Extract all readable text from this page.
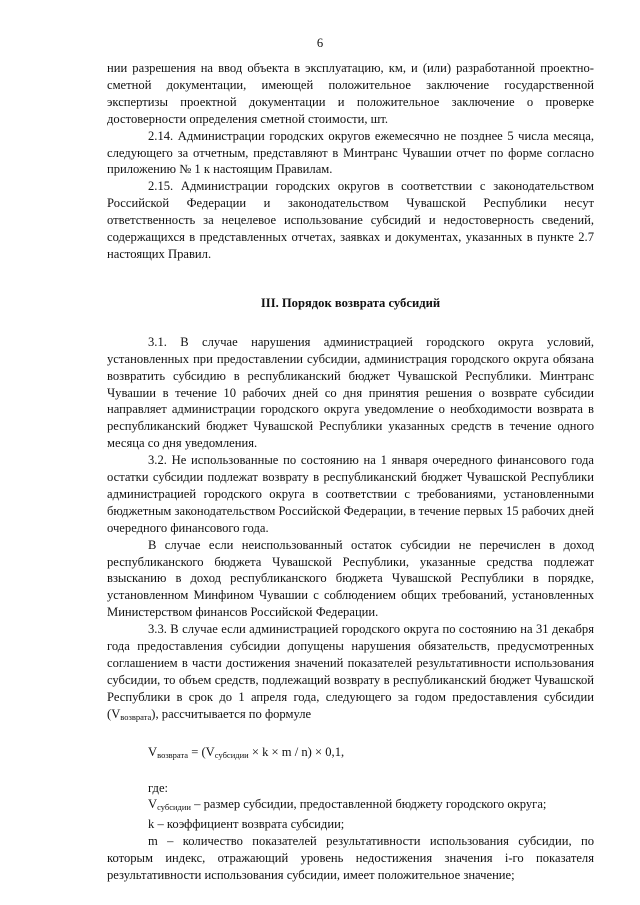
6

нии разрешения на ввод объекта в эксплуатацию, км, и (или) разработанной проектно-сметной документации, имеющей положительное заключение государственной экспертизы проектной документации и положительное заключение о проверке достоверности определения сметной стоимости, шт.

2.14. Администрации городских округов ежемесячно не позднее 5 числа месяца, следующего за отчетным, представляют в Минтранс Чувашии отчет по форме согласно приложению № 1 к настоящим Правилам.

2.15. Администрации городских округов в соответствии с законодательством Российской Федерации и законодательством Чувашской Республики несут ответственность за нецелевое использование субсидий и недостоверность сведений, содержащихся в представленных отчетах, заявках и документах, указанных в пункте 2.7 настоящих Правил.

III. Порядок возврата субсидий

3.1. В случае нарушения администрацией городского округа условий, установленных при предоставлении субсидии, администрация городского округа обязана возвратить субсидию в республиканский бюджет Чувашской Республики. Минтранс Чувашии в течение 10 рабочих дней со дня принятия решения о возврате субсидии направляет администрации городского округа уведомление о необходимости возврата в республиканский бюджет Чувашской Республики указанных средств в течение одного месяца со дня уведомления.

3.2. Не использованные по состоянию на 1 января очередного финансового года остатки субсидии подлежат возврату в республиканский бюджет Чувашской Республики администрацией городского округа в соответствии с требованиями, установленными бюджетным законодательством Российской Федерации, в течение первых 15 рабочих дней очередного финансового года.

В случае если неиспользованный остаток субсидии не перечислен в доход республиканского бюджета Чувашской Республики, указанные средства подлежат взысканию в доход республиканского бюджета Чувашской Республики в порядке, установленном Минфином Чувашии с соблюдением общих требований, установленных Министерством финансов Российской Федерации.

3.3. В случае если администрацией городского округа по состоянию на 31 декабря года предоставления субсидии допущены нарушения обязательств, предусмотренных соглашением в части достижения значений показателей результативности использования субсидии, то объем средств, подлежащий возврату в республиканский бюджет Чувашской Республики в срок до 1 апреля года, следующего за годом предоставления субсидии $(V_{возврата})$, рассчитывается по формуле

$V_{возврата} = (V_{субсидии} \times k \times m / n) \times 0,1$,

где:

$V_{субсидии}$ – размер субсидии, предоставленной бюджету городского округа;

k – коэффициент возврата субсидии;

m – количество показателей результативности использования субсидии, по которым индекс, отражающий уровень недостижения значения i-го показателя результативности использования субсидии, имеет положительное значение;
